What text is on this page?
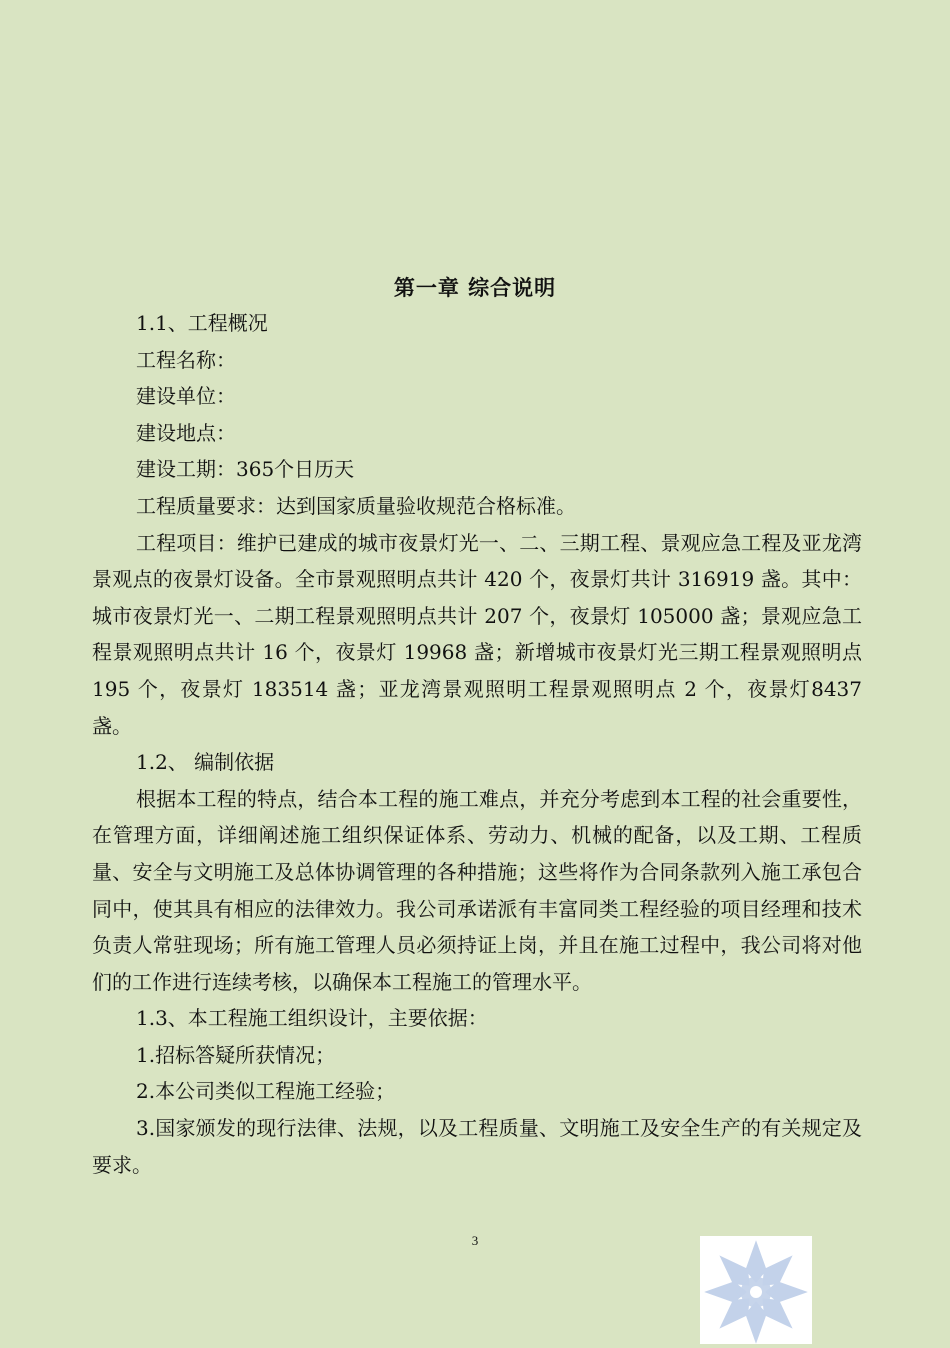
第一章 综合说明

1.1、工程概况

工程名称：

建设单位：

建设地点：

建设工期：365个日历天

工程质量要求：达到国家质量验收规范合格标准。

工程项目：维护已建成的城市夜景灯光一、二、三期工程、景观应急工程及亚龙湾景观点的夜景灯设备。全市景观照明点共计 420 个，夜景灯共计 316919 盏。其中：城市夜景灯光一、二期工程景观照明点共计 207 个，夜景灯 105000 盏；景观应急工程景观照明点共计 16 个，夜景灯 19968 盏；新增城市夜景灯光三期工程景观照明点 195 个，夜景灯 183514 盏；亚龙湾景观照明工程景观照明点 2 个，夜景灯8437 盏。

1.2、 编制依据

根据本工程的特点，结合本工程的施工难点，并充分考虑到本工程的社会重要性，在管理方面，详细阐述施工组织保证体系、劳动力、机械的配备，以及工期、工程质量、安全与文明施工及总体协调管理的各种措施；这些将作为合同条款列入施工承包合同中，使其具有相应的法律效力。我公司承诺派有丰富同类工程经验的项目经理和技术负责人常驻现场；所有施工管理人员必须持证上岗，并且在施工过程中，我公司将对他们的工作进行连续考核，以确保本工程施工的管理水平。

1.3、本工程施工组织设计，主要依据：

1.招标答疑所获情况；

2.本公司类似工程施工经验；

3.国家颁发的现行法律、法规，以及工程质量、文明施工及安全生产的有关规定及要求。

3
